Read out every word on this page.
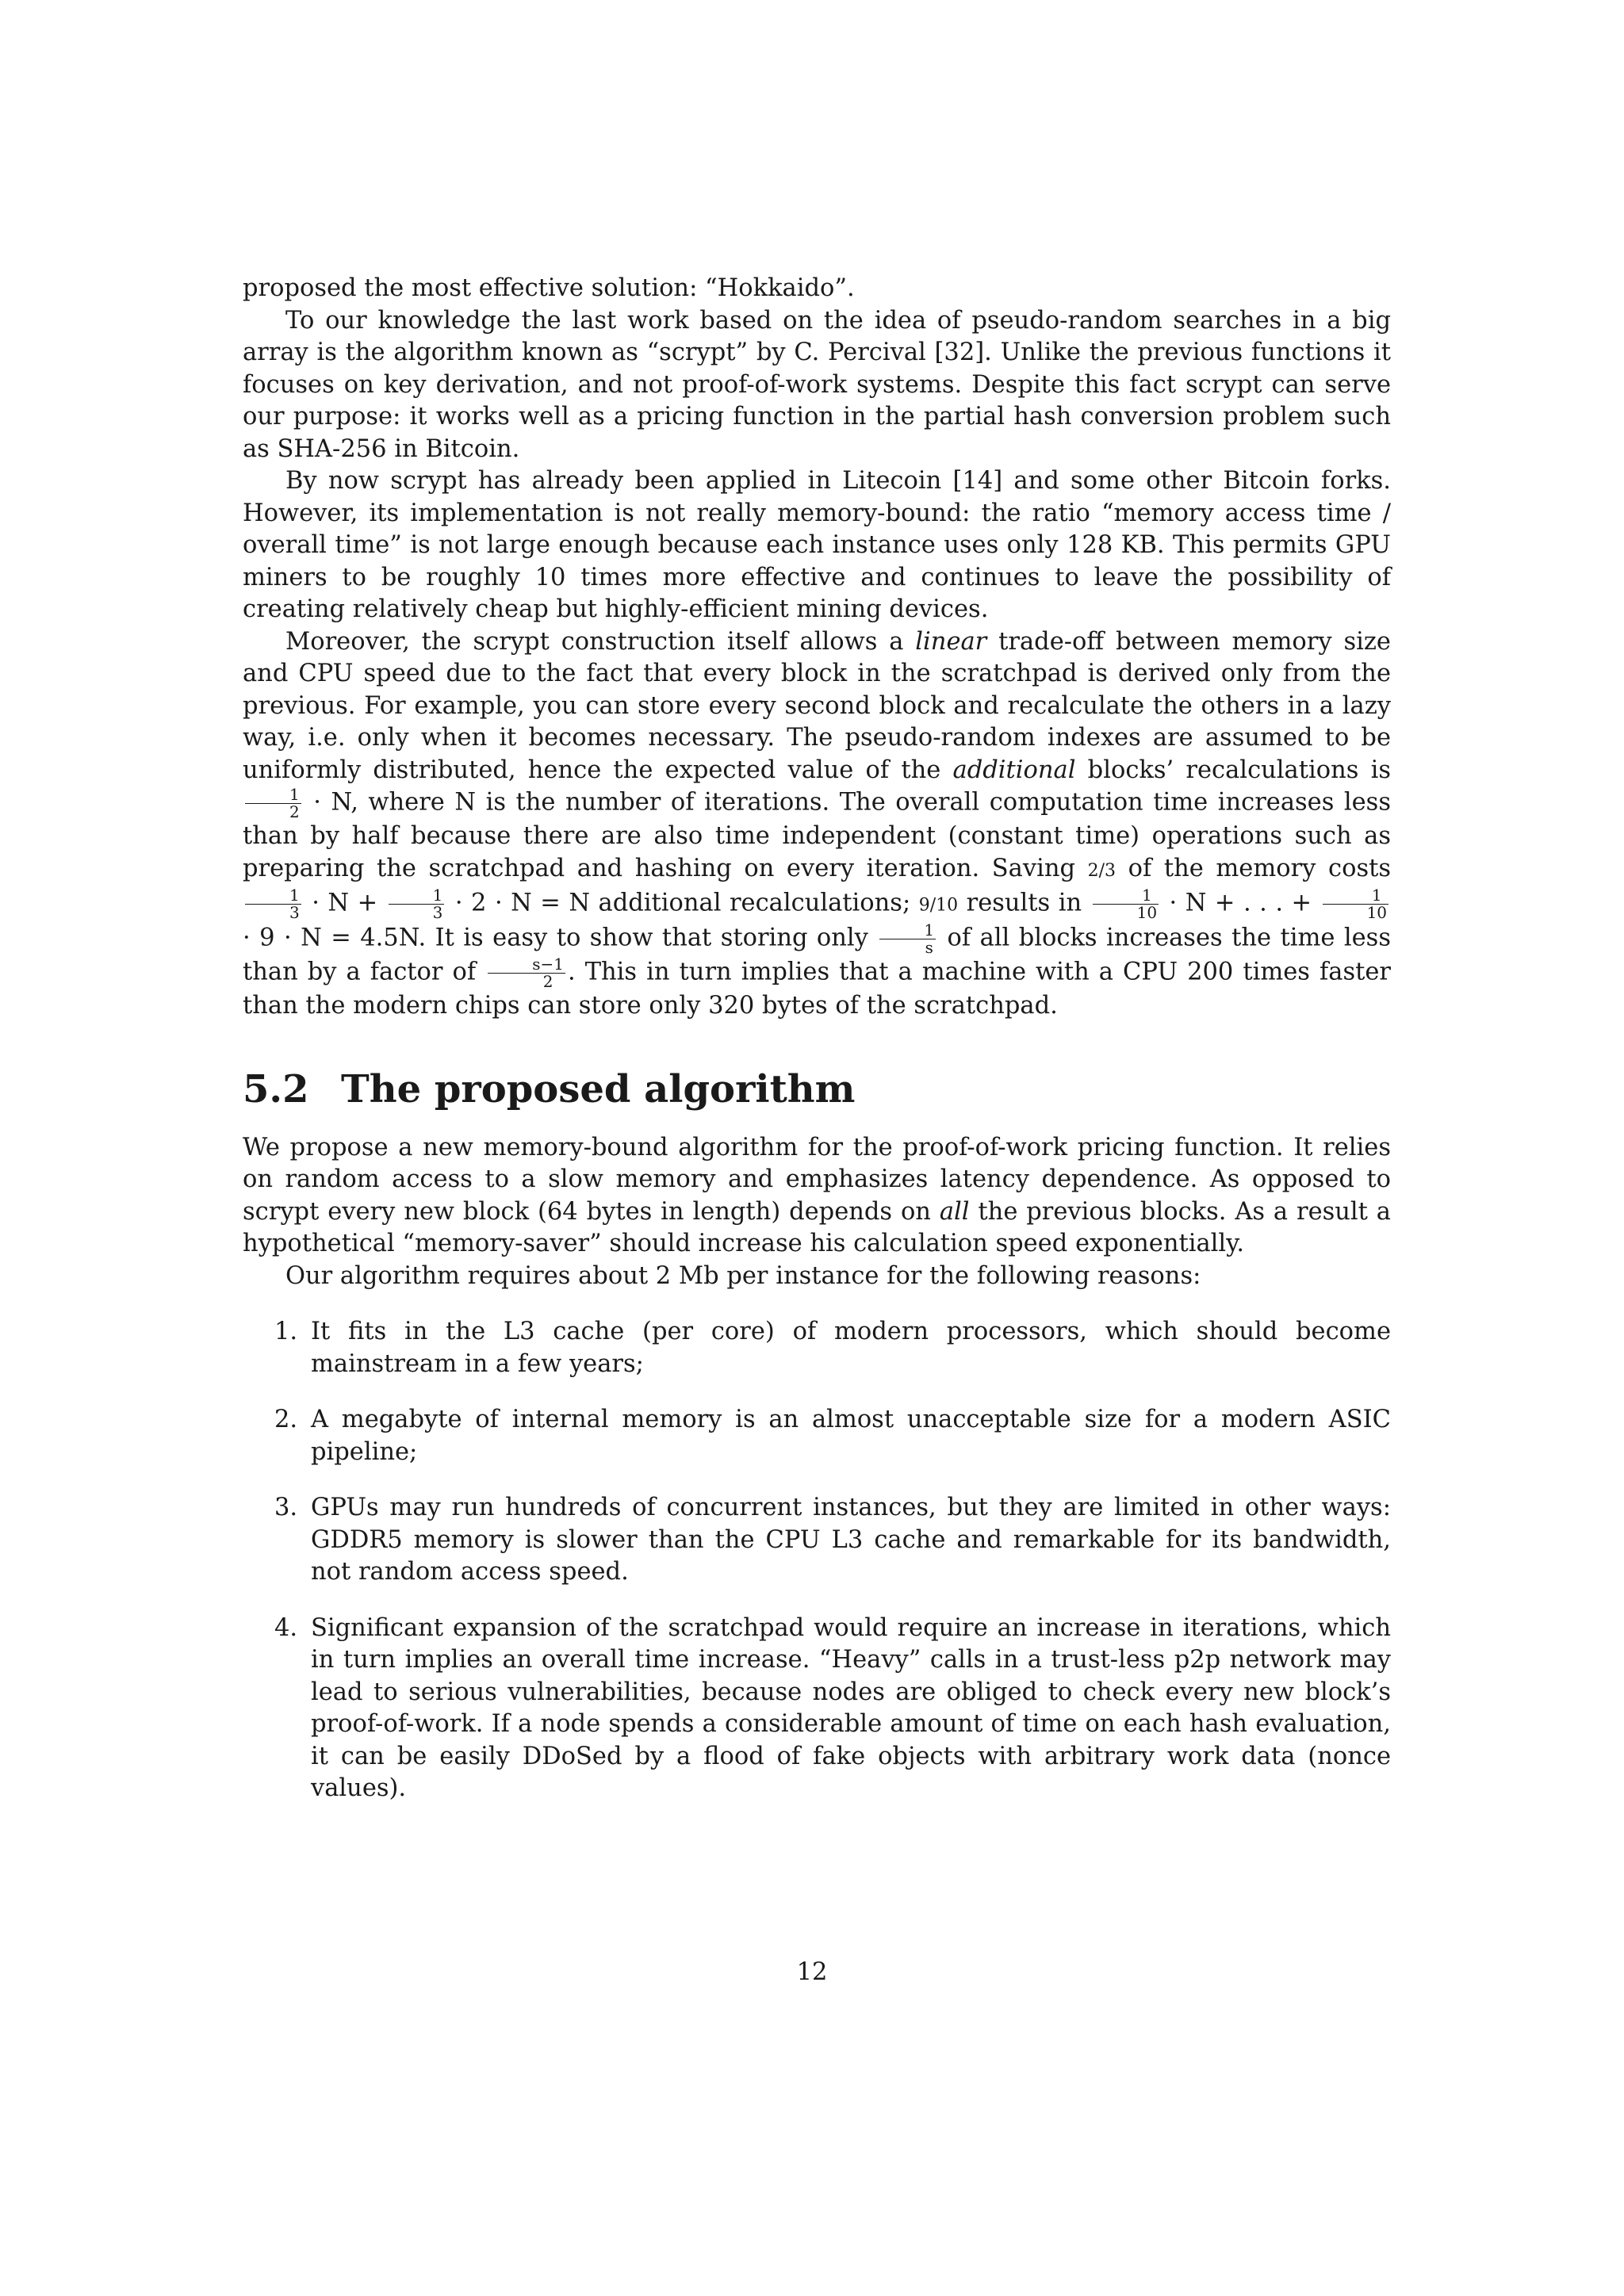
proposed the most effective solution: “Hokkaido”.

To our knowledge the last work based on the idea of pseudo-random searches in a big array is the algorithm known as “scrypt” by C. Percival [32]. Unlike the previous functions it focuses on key derivation, and not proof-of-work systems. Despite this fact scrypt can serve our purpose: it works well as a pricing function in the partial hash conversion problem such as SHA-256 in Bitcoin.

By now scrypt has already been applied in Litecoin [14] and some other Bitcoin forks. However, its implementation is not really memory-bound: the ratio “memory access time / overall time” is not large enough because each instance uses only 128 KB. This permits GPU miners to be roughly 10 times more effective and continues to leave the possibility of creating relatively cheap but highly-efficient mining devices.

Moreover, the scrypt construction itself allows a linear trade-off between memory size and CPU speed due to the fact that every block in the scratchpad is derived only from the previous. For example, you can store every second block and recalculate the others in a lazy way, i.e. only when it becomes necessary. The pseudo-random indexes are assumed to be uniformly distributed, hence the expected value of the additional blocks’ recalculations is
$\frac{1}{2} \cdot N$, where N is the number of iterations. The overall computation time increases less than by half because there are also time independent (constant time) operations such as preparing the scratchpad and hashing on every iteration. Saving 2/3 of the memory costs
$\frac{1}{3} \cdot N + \frac{1}{3} \cdot 2 \cdot N = N$ additional recalculations; 9/10 results in $\frac{1}{10} \cdot N$ + . . . + $\frac{1}{10}$
· 9 · N = 4.5N. It is easy to show that storing only $\frac{1}{s}$ of all blocks increases the time less than by a factor of $\frac{s-1}{2}$ . This in turn implies that a machine with a CPU 200 times faster than the modern chips can store only 320 bytes of the scratchpad.

5.2 The proposed algorithm

We propose a new memory-bound algorithm for the proof-of-work pricing function. It relies on random access to a slow memory and emphasizes latency dependence. As opposed to scrypt every new block (64 bytes in length) depends on all the previous blocks. As a result a hypothetical “memory-saver” should increase his calculation speed exponentially.

Our algorithm requires about 2 Mb per instance for the following reasons:

1. It fits in the L3 cache (per core) of modern processors, which should become mainstream in a few years;
2. A megabyte of internal memory is an almost unacceptable size for a modern ASIC pipeline;
3. GPUs may run hundreds of concurrent instances, but they are limited in other ways: GDDR5 memory is slower than the CPU L3 cache and remarkable for its bandwidth, not random access speed.
4. Significant expansion of the scratchpad would require an increase in iterations, which in turn implies an overall time increase. “Heavy” calls in a trust-less p2p network may lead to serious vulnerabilities, because nodes are obliged to check every new block’s proof-of-work. If a node spends a considerable amount of time on each hash evaluation, it can be easily DDoSed by a flood of fake objects with arbitrary work data (nonce values).
12
